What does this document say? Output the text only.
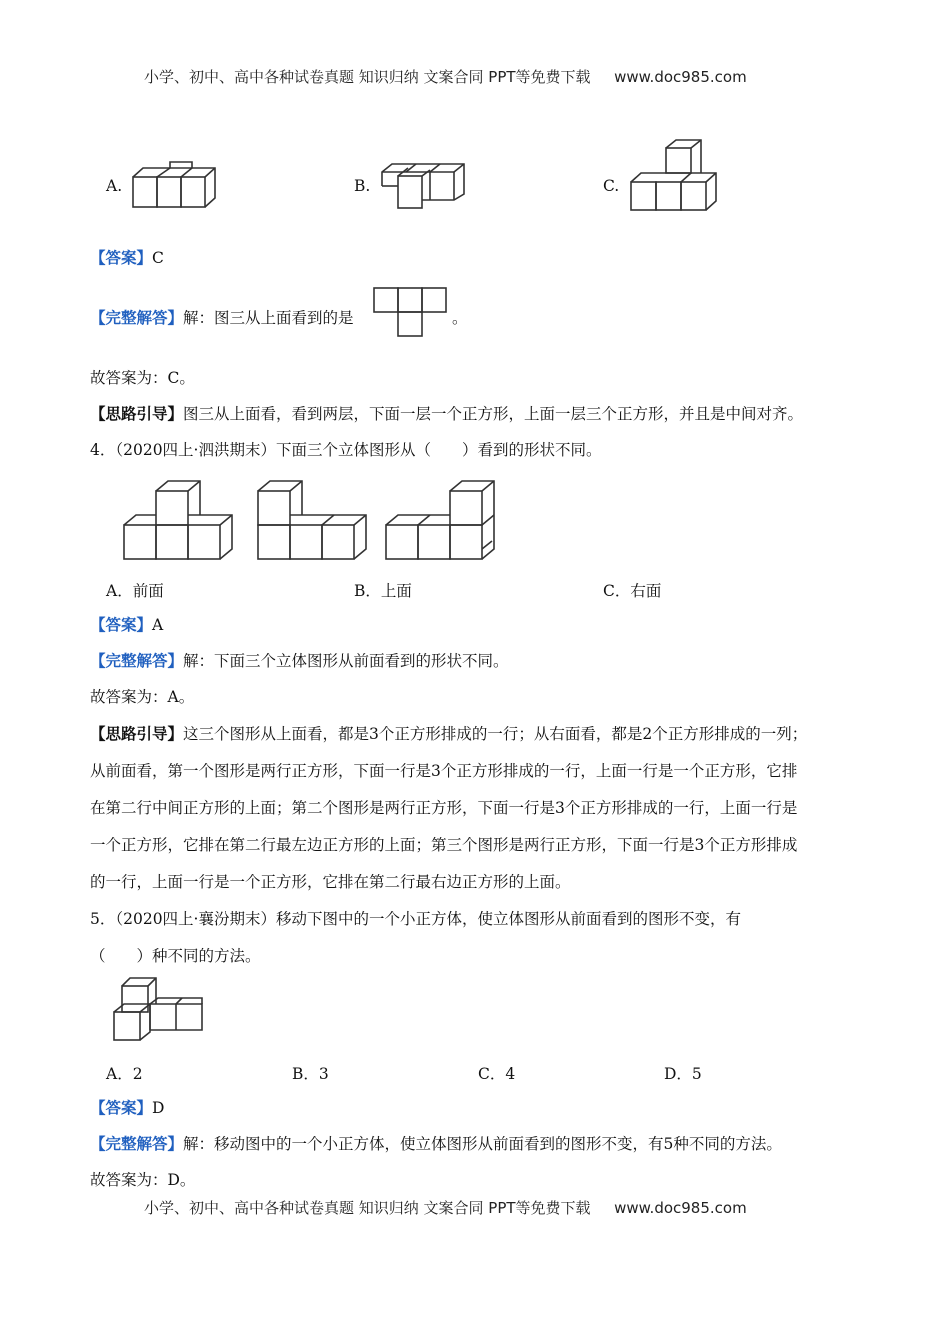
小学、初中、高中各种试卷真题 知识归纳 文案合同 PPT等免费下载 www.doc985.com
A.	B.	C.
【答案】C
【完整解答】解：图三从上面看到的是	。
故答案为：C。
【思路引导】图三从上面看，看到两层，下面一层一个正方形，上面一层三个正方形，并且是中间对齐。
4．（2020四上·泗洪期末）下面三个立体图形从（　　）看到的形状不同。
A．前面	B．上面	C．右面
【答案】A
【完整解答】解：下面三个立体图形从前面看到的形状不同。
故答案为：A。
【思路引导】这三个图形从上面看，都是3个正方形排成的一行；从右面看，都是2个正方形排成的一列；
从前面看，第一个图形是两行正方形，下面一行是3个正方形排成的一行，上面一行是一个正方形，它排
在第二行中间正方形的上面；第二个图形是两行正方形，下面一行是3个正方形排成的一行，上面一行是
一个正方形，它排在第二行最左边正方形的上面；第三个图形是两行正方形，下面一行是3个正方形排成
的一行，上面一行是一个正方形，它排在第二行最右边正方形的上面。
5．（2020四上·襄汾期末）移动下图中的一个小正方体，使立体图形从前面看到的图形不变，有
（　　）种不同的方法。
A．2	B．3	C．4	D．5
【答案】D
【完整解答】解：移动图中的一个小正方体，使立体图形从前面看到的图形不变，有5种不同的方法。
故答案为：D。
小学、初中、高中各种试卷真题 知识归纳 文案合同 PPT等免费下载 www.doc985.com
